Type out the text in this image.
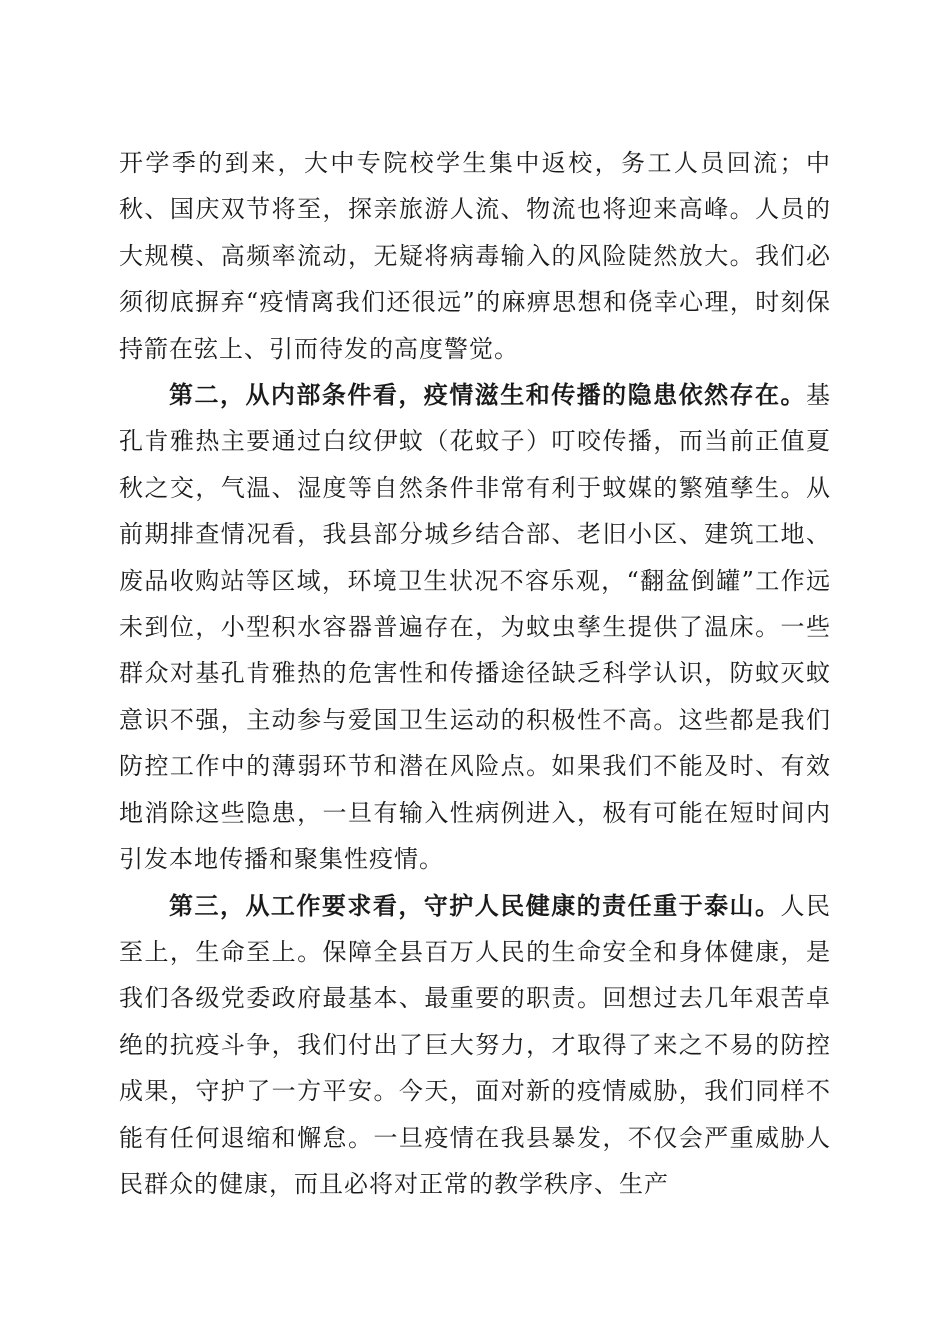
开学季的到来，大中专院校学生集中返校，务工人员回流；中秋、国庆双节将至，探亲旅游人流、物流也将迎来高峰。人员的大规模、高频率流动，无疑将病毒输入的风险陡然放大。我们必须彻底摒弃“疫情离我们还很远”的麻痹思想和侥幸心理，时刻保持箭在弦上、引而待发的高度警觉。

第二，从内部条件看，疫情滋生和传播的隐患依然存在。基孔肯雅热主要通过白纹伊蚊（花蚊子）叮咬传播，而当前正值夏秋之交，气温、湿度等自然条件非常有利于蚊媒的繁殖孳生。从前期排查情况看，我县部分城乡结合部、老旧小区、建筑工地、废品收购站等区域，环境卫生状况不容乐观，“翻盆倒罐”工作远未到位，小型积水容器普遍存在，为蚊虫孳生提供了温床。一些群众对基孔肯雅热的危害性和传播途径缺乏科学认识，防蚊灭蚊意识不强，主动参与爱国卫生运动的积极性不高。这些都是我们防控工作中的薄弱环节和潜在风险点。如果我们不能及时、有效地消除这些隐患，一旦有输入性病例进入，极有可能在短时间内引发本地传播和聚集性疫情。

第三，从工作要求看，守护人民健康的责任重于泰山。人民至上，生命至上。保障全县百万人民的生命安全和身体健康，是我们各级党委政府最基本、最重要的职责。回想过去几年艰苦卓绝的抗疫斗争，我们付出了巨大努力，才取得了来之不易的防控成果，守护了一方平安。今天，面对新的疫情威胁，我们同样不能有任何退缩和懈怠。一旦疫情在我县暴发，不仅会严重威胁人民群众的健康，而且必将对正常的教学秩序、生产
